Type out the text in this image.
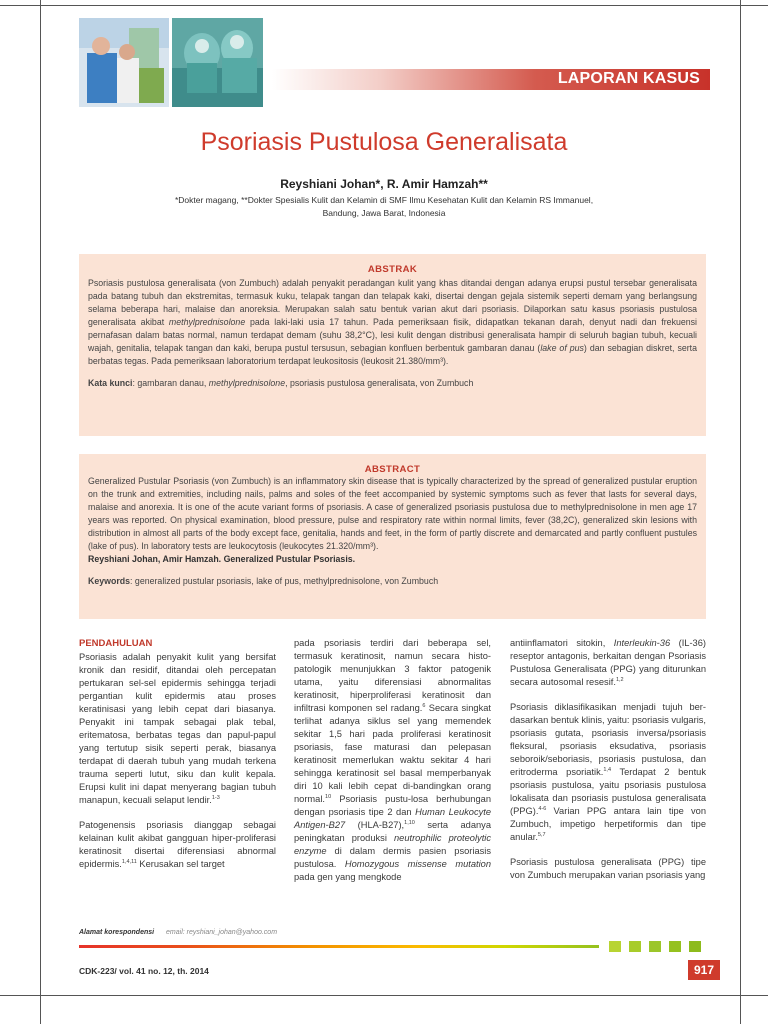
LAPORAN KASUS
Psoriasis Pustulosa Generalisata
Reyshiani Johan*, R. Amir Hamzah**
*Dokter magang, **Dokter Spesialis Kulit dan Kelamin di SMF Ilmu Kesehatan Kulit dan Kelamin RS Immanuel,
Bandung, Jawa Barat, Indonesia
ABSTRAK

Psoriasis pustulosa generalisata (von Zumbuch) adalah penyakit peradangan kulit yang khas ditandai dengan adanya erupsi pustul tersebar generalisata pada batang tubuh dan ekstremitas, termasuk kuku, telapak tangan dan telapak kaki, disertai dengan gejala sistemik seperti demam yang berlangsung selama beberapa hari, malaise dan anoreksia. Merupakan salah satu bentuk varian akut dari psoriasis. Dilaporkan satu kasus psoriasis pustulosa generalisata akibat methylprednisolone pada laki-laki usia 17 tahun. Pada pemeriksaan fisik, didapatkan tekanan darah, denyut nadi dan frekuensi pernafasan dalam batas normal, namun terdapat demam (suhu 38,2°C), lesi kulit dengan distribusi generalisata hampir di seluruh bagian tubuh, kecuali wajah, genitalia, telapak tangan dan kaki, berupa pustul tersusun, sebagian konfluen berbentuk gambaran danau (lake of pus) dan sebagian diskret, serta berbatas tegas. Pada pemeriksaan laboratorium terdapat leukositosis (leukosit 21.380/mm³).

Kata kunci: gambaran danau, methylprednisolone, psoriasis pustulosa generalisata, von Zumbuch

ABSTRACT

Generalized Pustular Psoriasis (von Zumbuch) is an inflammatory skin disease that is typically characterized by the spread of generalized pustular eruption on the trunk and extremities, including nails, palms and soles of the feet accompanied by systemic symptoms such as fever that lasts for several days, malaise and anorexia. It is one of the acute variant forms of psoriasis. A case of generalized psoriasis pustulosa due to methylprednisolone in men age 17 years was reported. On physical examination, blood pressure, pulse and respiratory rate within normal limits, fever (38,2C), generalized skin lesions with distribution in almost all parts of the body except face, genitalia, hands and feet, in the form of partly discrete and demarcated and partly confluent pustules (lake of pus). In laboratory tests are leukocytosis (leukocytes 21.320/mm³).
Reyshiani Johan, Amir Hamzah. Generalized Pustular Psoriasis.

Keywords: generalized pustular psoriasis, lake of pus, methylprednisolone, von Zumbuch

PENDAHULUAN

Psoriasis adalah penyakit kulit yang bersifat kronik dan residif, ditandai oleh percepatan pertukaran sel-sel epidermis sehingga terjadi pergantian kulit epidermis atau proses keratinisasi yang lebih cepat dari biasanya. Penyakit ini tampak sebagai plak tebal, eritematosa, berbatas tegas dan papul-papul yang tertutup sisik seperti perak, biasanya terdapat di daerah tubuh yang mudah terkena trauma seperti lutut, siku dan kulit kepala. Erupsi kulit ini dapat menyerang bagian tubuh manapun, kecuali selaput lendir.$^{1-3}$

Patogenensis psoriasis dianggap sebagai kelainan kulit akibat gangguan hiper-proliferasi keratinosit disertai diferensiasi abnormal epidermis.$^{1,4,11}$ Kerusakan sel target

pada psoriasis terdiri dari beberapa sel, termasuk keratinosit, namun secara histo-patologik menunjukkan 3 faktor patogenik utama, yaitu diferensiasi abnormalitas keratinosit, hiperproliferasi keratinosit dan infiltrasi komponen sel radang.$^6$ Secara singkat terlihat adanya siklus sel yang memendek sekitar 1,5 hari pada proliferasi keratinosit psoriasis, fase maturasi dan pelepasan keratinosit memerlukan waktu sekitar 4 hari sehingga keratinosit sel basal memperbanyak diri 10 kali lebih cepat di-bandingkan orang normal.$^{10}$ Psoriasis pustu-losa berhubungan dengan psoriasis tipe 2 dan Human Leukocyte Antigen-B27 (HLA-B27),$^{1,10}$ serta adanya peningkatan produksi neutrophilic proteolytic enzyme di dalam dermis pasien psoriasis pustulosa. Homozygous missense mutation pada gen yang mengkode

antiinflamatori sitokin, Interleukin-36 (IL-36) reseptor antagonis, berkaitan dengan Psoriasis Pustulosa Generalisata (PPG) yang diturunkan secara autosomal resesif.$^{1,2}$

Psoriasis diklasifikasikan menjadi tujuh ber-dasarkan bentuk klinis, yaitu: psoriasis vulgaris, psoriasis gutata, psoriasis inversa/psoriasis fleksural, psoriasis eksudativa, psoriasis seboroik/seboriasis, psoriasis pustulosa, dan eritroderma psoriatik.$^{1,4}$ Terdapat 2 bentuk psoriasis pustulosa, yaitu psoriasis pustulosa lokalisata dan psoriasis pustulosa generalisata (PPG).$^{4-6}$ Varian PPG antara lain tipe von Zumbuch, impetigo herpetiformis dan tipe anular.$^{5,7}$

Psoriasis pustulosa generalisata (PPG) tipe von Zumbuch merupakan varian psoriasis yang

Alamat korespondensi email: reyshiani_johan@yahoo.com
CDK-223/ vol. 41 no. 12, th. 2014	917
